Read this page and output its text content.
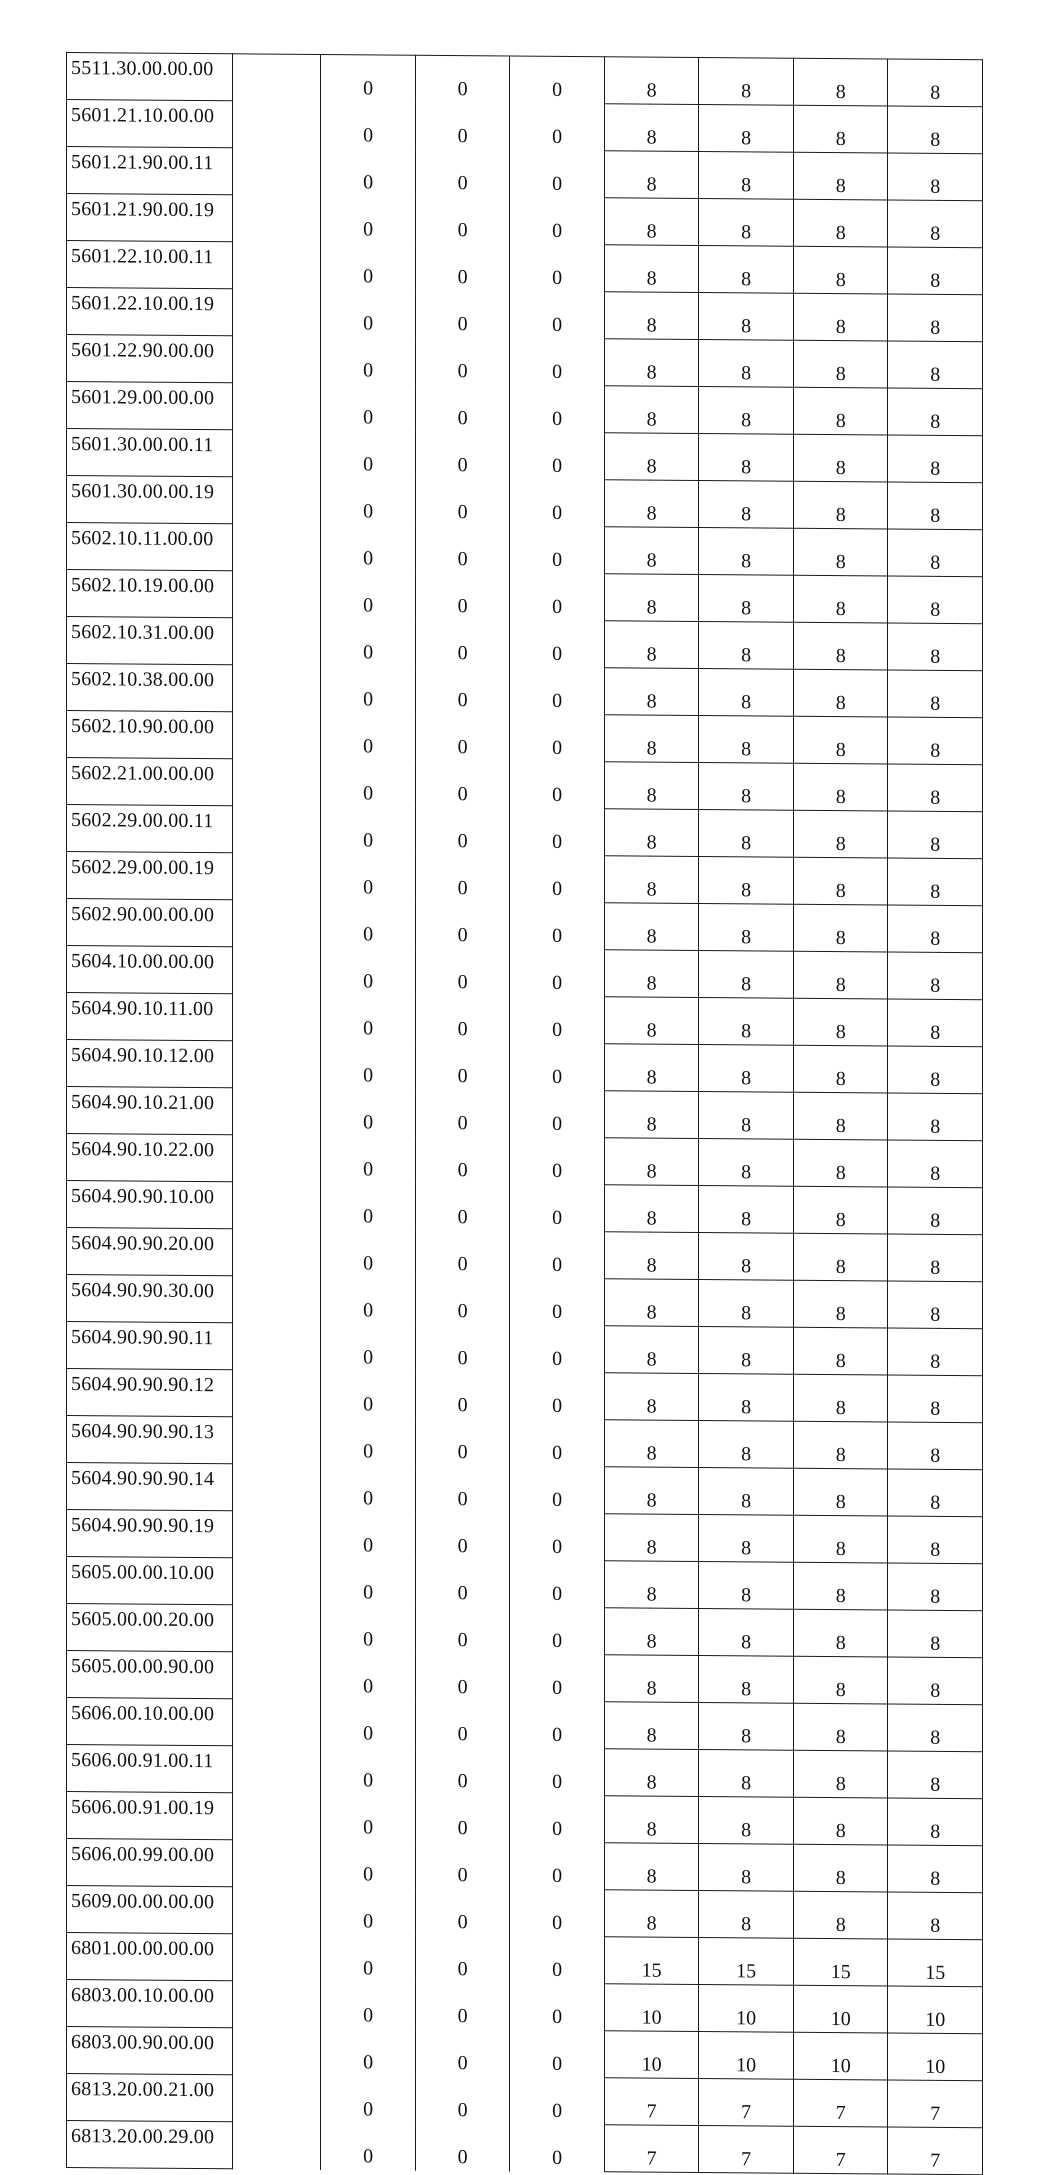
5511.30.00.00.00		0	0	0	8	8	8	8
5601.21.10.00.00		0	0	0	8	8	8	8
5601.21.90.00.11		0	0	0	8	8	8	8
5601.21.90.00.19		0	0	0	8	8	8	8
5601.22.10.00.11		0	0	0	8	8	8	8
5601.22.10.00.19		0	0	0	8	8	8	8
5601.22.90.00.00		0	0	0	8	8	8	8
5601.29.00.00.00		0	0	0	8	8	8	8
5601.30.00.00.11		0	0	0	8	8	8	8
5601.30.00.00.19		0	0	0	8	8	8	8
5602.10.11.00.00		0	0	0	8	8	8	8
5602.10.19.00.00		0	0	0	8	8	8	8
5602.10.31.00.00		0	0	0	8	8	8	8
5602.10.38.00.00		0	0	0	8	8	8	8
5602.10.90.00.00		0	0	0	8	8	8	8
5602.21.00.00.00		0	0	0	8	8	8	8
5602.29.00.00.11		0	0	0	8	8	8	8
5602.29.00.00.19		0	0	0	8	8	8	8
5602.90.00.00.00		0	0	0	8	8	8	8
5604.10.00.00.00		0	0	0	8	8	8	8
5604.90.10.11.00		0	0	0	8	8	8	8
5604.90.10.12.00		0	0	0	8	8	8	8
5604.90.10.21.00		0	0	0	8	8	8	8
5604.90.10.22.00		0	0	0	8	8	8	8
5604.90.90.10.00		0	0	0	8	8	8	8
5604.90.90.20.00		0	0	0	8	8	8	8
5604.90.90.30.00		0	0	0	8	8	8	8
5604.90.90.90.11		0	0	0	8	8	8	8
5604.90.90.90.12		0	0	0	8	8	8	8
5604.90.90.90.13		0	0	0	8	8	8	8
5604.90.90.90.14		0	0	0	8	8	8	8
5604.90.90.90.19		0	0	0	8	8	8	8
5605.00.00.10.00		0	0	0	8	8	8	8
5605.00.00.20.00		0	0	0	8	8	8	8
5605.00.00.90.00		0	0	0	8	8	8	8
5606.00.10.00.00		0	0	0	8	8	8	8
5606.00.91.00.11		0	0	0	8	8	8	8
5606.00.91.00.19		0	0	0	8	8	8	8
5606.00.99.00.00		0	0	0	8	8	8	8
5609.00.00.00.00		0	0	0	8	8	8	8
6801.00.00.00.00		0	0	0	15	15	15	15
6803.00.10.00.00		0	0	0	10	10	10	10
6803.00.90.00.00		0	0	0	10	10	10	10
6813.20.00.21.00		0	0	0	7	7	7	7
6813.20.00.29.00		0	0	0	7	7	7	7
